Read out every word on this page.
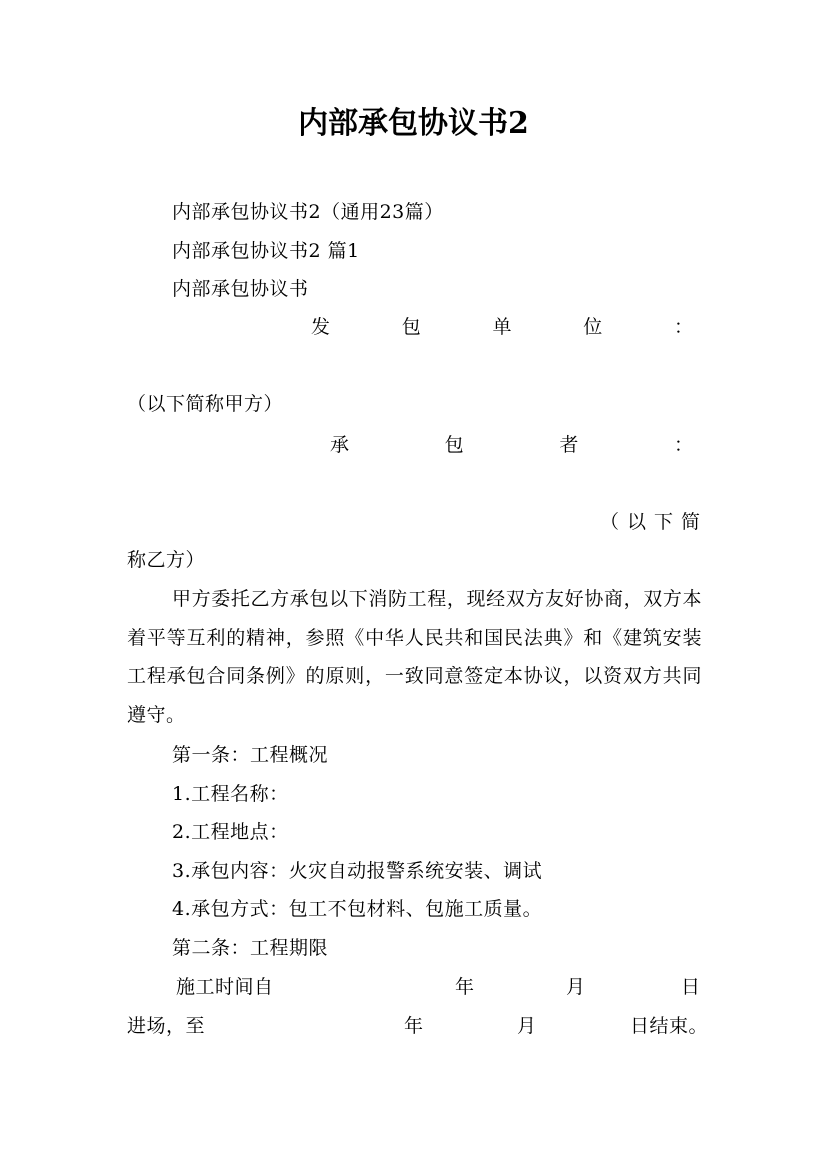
内部承包协议书2
内部承包协议书2（通用23篇）
内部承包协议书2 篇1
内部承包协议书
发	包	单	位	：
（以下简称甲方）
承	包	者	：
（ 以 下 简
称乙方）
甲方委托乙方承包以下消防工程，现经双方友好协商，双方本着平等互利的精神，参照《中华人民共和国民法典》和《建筑安装工程承包合同条例》的原则，一致同意签定本协议，以资双方共同遵守。
第一条：工程概况
1.工程名称：
2.工程地点：
3.承包内容：火灾自动报警系统安装、调试
4.承包方式：包工不包材料、包施工质量。
第二条：工程期限
施工时间自	年	月	日
进场，至	年	月	日结束。
